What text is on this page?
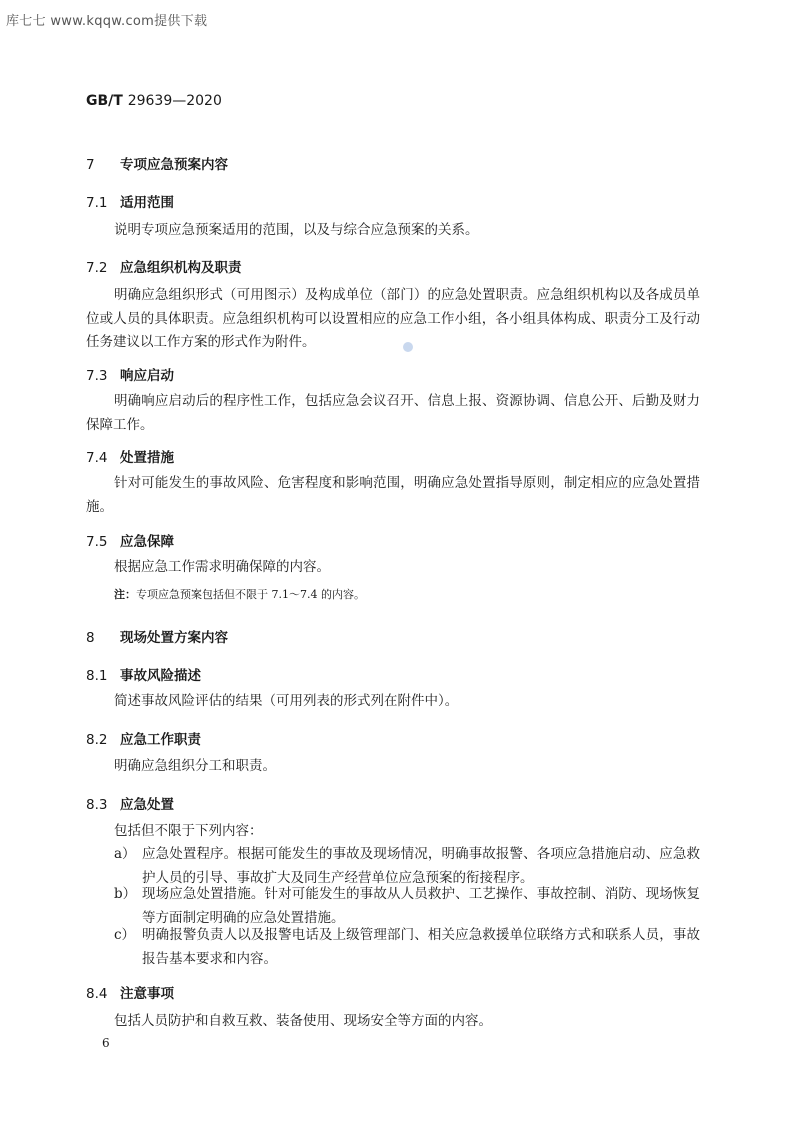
库七七 www.kqqw.com提供下载
GB/T 29639—2020
7 专项应急预案内容
7.1 适用范围
说明专项应急预案适用的范围，以及与综合应急预案的关系。
7.2 应急组织机构及职责
明确应急组织形式（可用图示）及构成单位（部门）的应急处置职责。应急组织机构以及各成员单位或人员的具体职责。应急组织机构可以设置相应的应急工作小组，各小组具体构成、职责分工及行动任务建议以工作方案的形式作为附件。
7.3 响应启动
明确响应启动后的程序性工作，包括应急会议召开、信息上报、资源协调、信息公开、后勤及财力保障工作。
7.4 处置措施
针对可能发生的事故风险、危害程度和影响范围，明确应急处置指导原则，制定相应的应急处置措施。
7.5 应急保障
根据应急工作需求明确保障的内容。
注：专项应急预案包括但不限于 7.1～7.4 的内容。
8 现场处置方案内容
8.1 事故风险描述
简述事故风险评估的结果（可用列表的形式列在附件中）。
8.2 应急工作职责
明确应急组织分工和职责。
8.3 应急处置
包括但不限于下列内容：
a） 应急处置程序。根据可能发生的事故及现场情况，明确事故报警、各项应急措施启动、应急救护人员的引导、事故扩大及同生产经营单位应急预案的衔接程序。
b） 现场应急处置措施。针对可能发生的事故从人员救护、工艺操作、事故控制、消防、现场恢复等方面制定明确的应急处置措施。
c） 明确报警负责人以及报警电话及上级管理部门、相关应急救援单位联络方式和联系人员，事故报告基本要求和内容。
8.4 注意事项
包括人员防护和自救互救、装备使用、现场安全等方面的内容。
6
